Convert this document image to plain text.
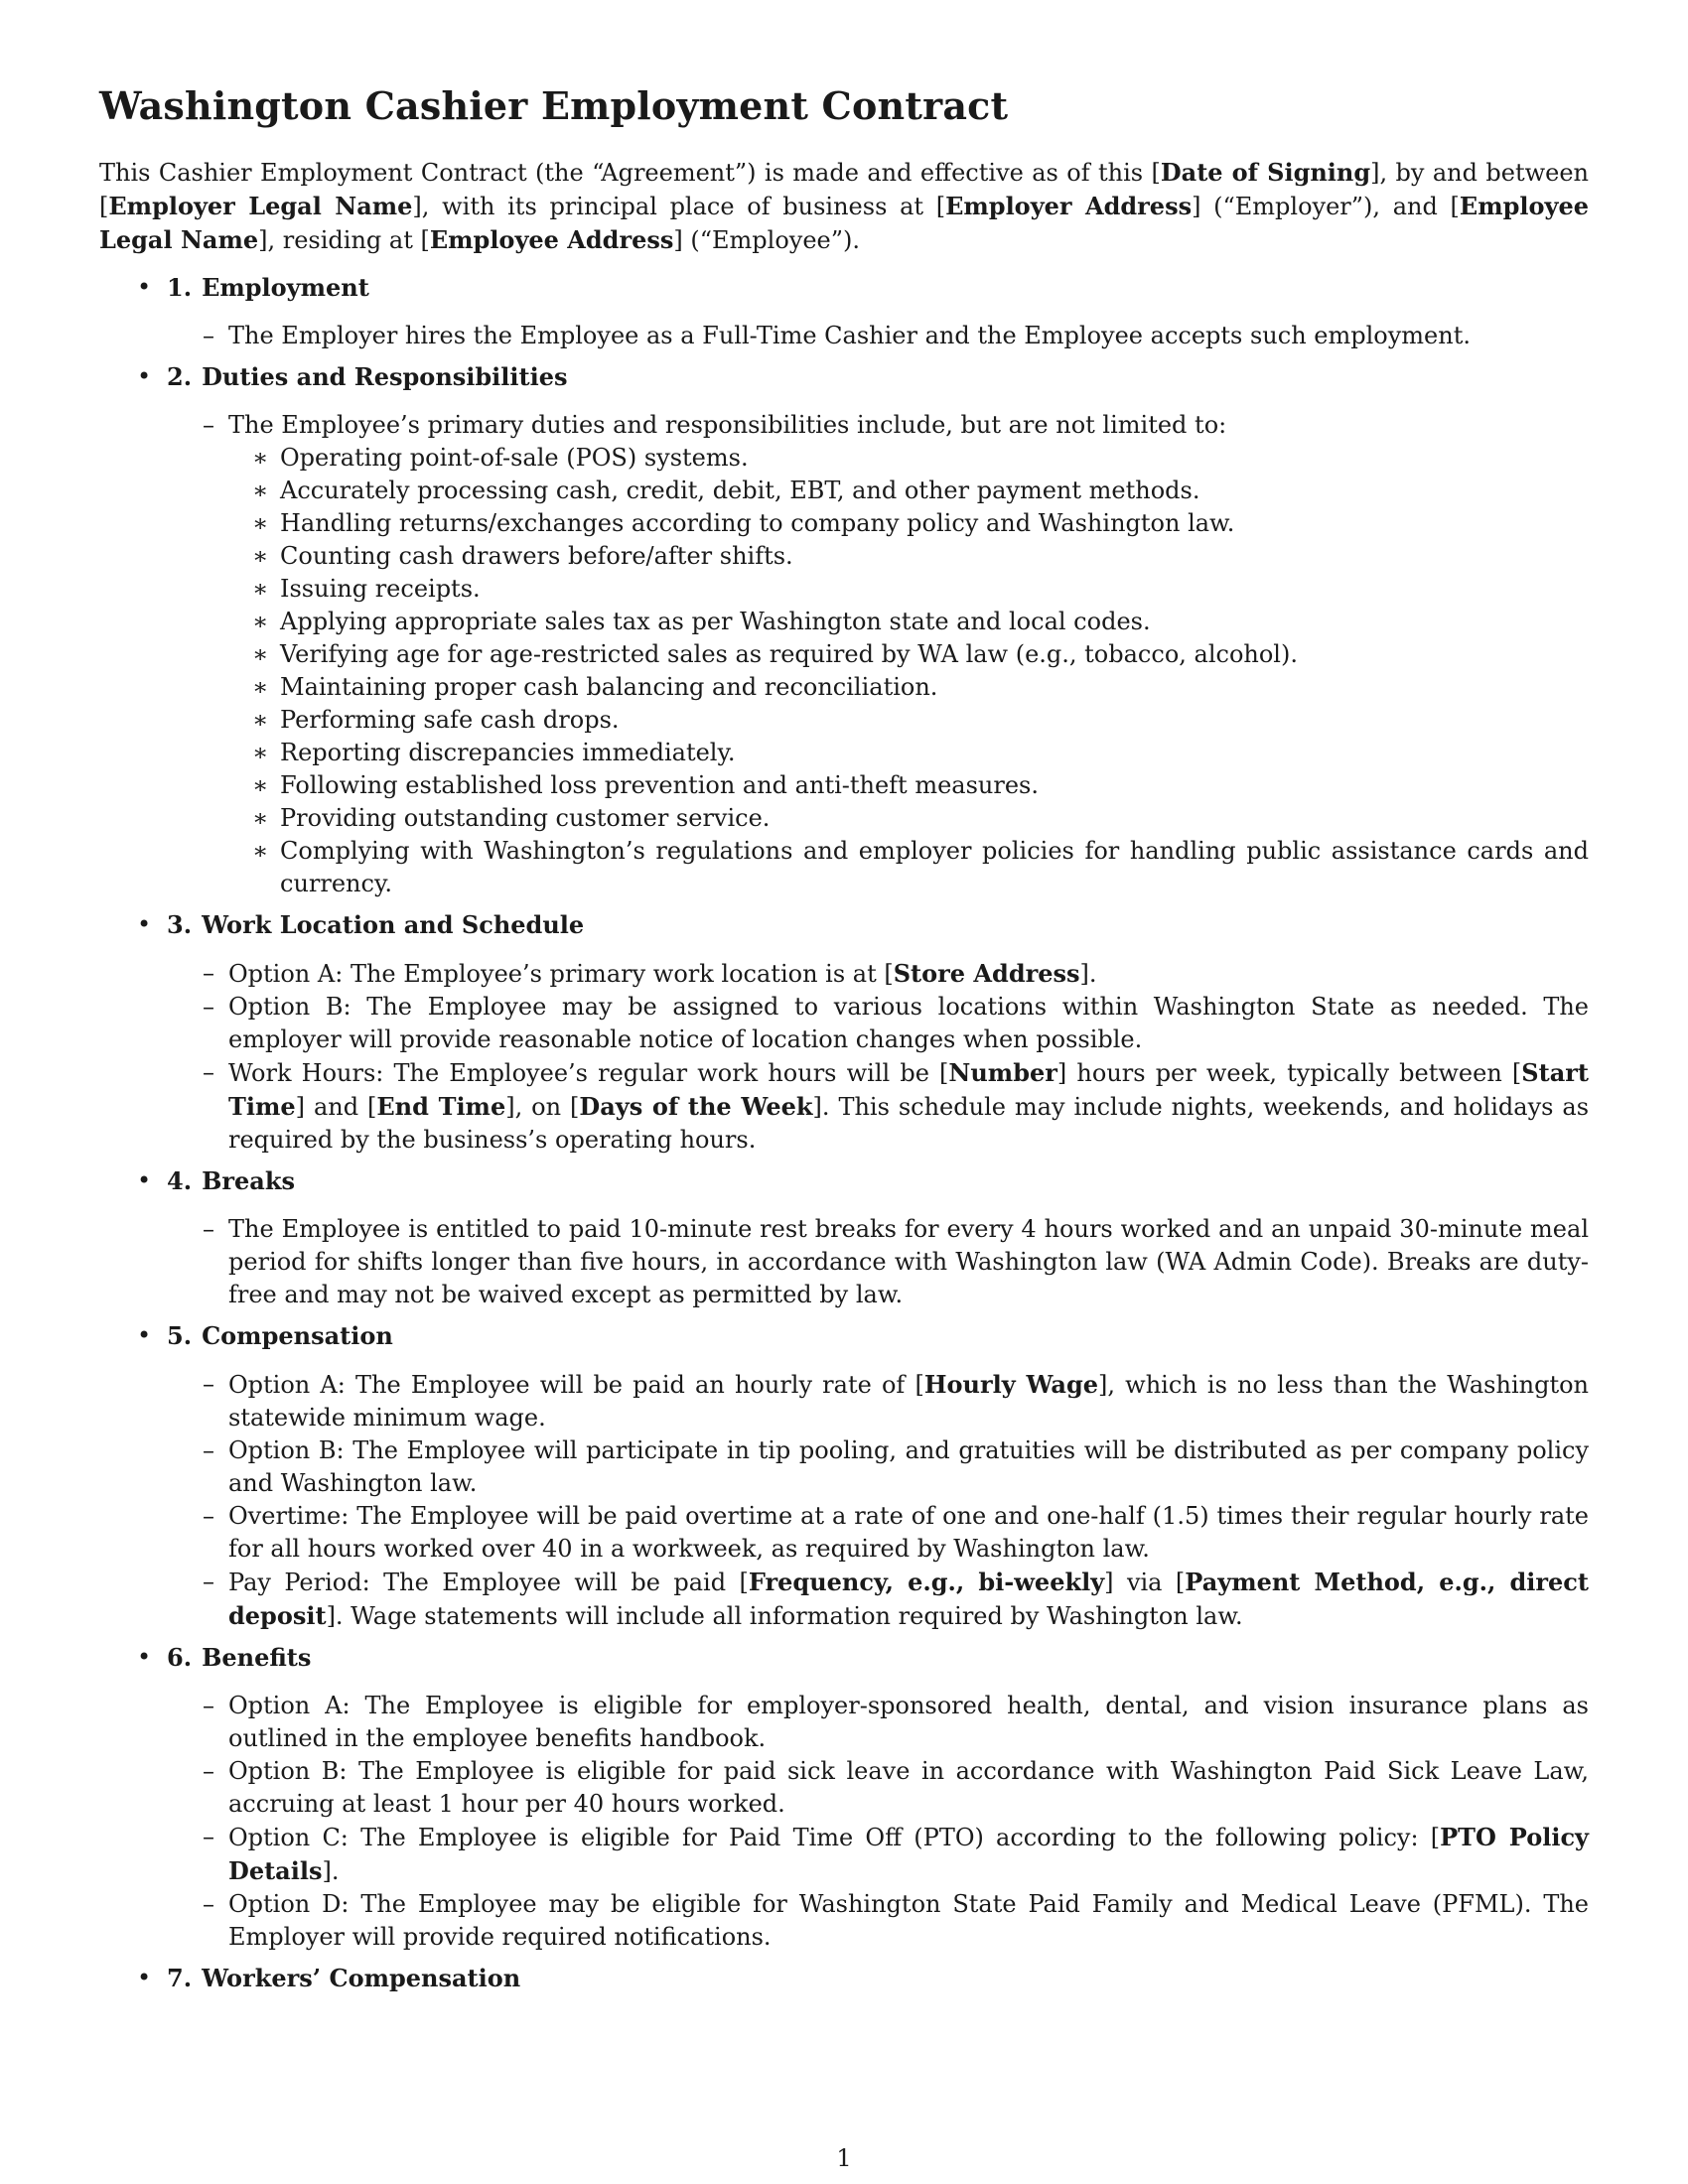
Washington Cashier Employment Contract

This Cashier Employment Contract (the “Agreement”) is made and effective as of this [Date of Signing], by and between [Employer Legal Name], with its principal place of business at [Employer Address] (“Employer”), and [Employee Legal Name], residing at [Employee Address] (“Employee”).

• 1. Employment
– The Employer hires the Employee as a Full-Time Cashier and the Employee accepts such employment.
• 2. Duties and Responsibilities
– The Employee’s primary duties and responsibilities include, but are not limited to:
∗ Operating point-of-sale (POS) systems.
∗ Accurately processing cash, credit, debit, EBT, and other payment methods.
∗ Handling returns/exchanges according to company policy and Washington law.
∗ Counting cash drawers before/after shifts.
∗ Issuing receipts.
∗ Applying appropriate sales tax as per Washington state and local codes.
∗ Verifying age for age-restricted sales as required by WA law (e.g., tobacco, alcohol).
∗ Maintaining proper cash balancing and reconciliation.
∗ Performing safe cash drops.
∗ Reporting discrepancies immediately.
∗ Following established loss prevention and anti-theft measures.
∗ Providing outstanding customer service.
∗ Complying with Washington’s regulations and employer policies for handling public assistance cards and currency.
• 3. Work Location and Schedule
– Option A: The Employee’s primary work location is at [Store Address].
– Option B: The Employee may be assigned to various locations within Washington State as needed. The employer will provide reasonable notice of location changes when possible.
– Work Hours: The Employee’s regular work hours will be [Number] hours per week, typically between [Start Time] and [End Time], on [Days of the Week]. This schedule may include nights, weekends, and holidays as required by the business’s operating hours.
• 4. Breaks
– The Employee is entitled to paid 10-minute rest breaks for every 4 hours worked and an unpaid 30-minute meal period for shifts longer than five hours, in accordance with Washington law (WA Admin Code). Breaks are duty-free and may not be waived except as permitted by law.
• 5. Compensation
– Option A: The Employee will be paid an hourly rate of [Hourly Wage], which is no less than the Washington statewide minimum wage.
– Option B: The Employee will participate in tip pooling, and gratuities will be distributed as per company policy and Washington law.
– Overtime: The Employee will be paid overtime at a rate of one and one-half (1.5) times their regular hourly rate for all hours worked over 40 in a workweek, as required by Washington law.
– Pay Period: The Employee will be paid [Frequency, e.g., bi-weekly] via [Payment Method, e.g., direct deposit]. Wage statements will include all information required by Washington law.
• 6. Benefits
– Option A: The Employee is eligible for employer-sponsored health, dental, and vision insurance plans as outlined in the employee benefits handbook.
– Option B: The Employee is eligible for paid sick leave in accordance with Washington Paid Sick Leave Law, accruing at least 1 hour per 40 hours worked.
– Option C: The Employee is eligible for Paid Time Off (PTO) according to the following policy: [PTO Policy Details].
– Option D: The Employee may be eligible for Washington State Paid Family and Medical Leave (PFML). The Employer will provide required notifications.
• 7. Workers’ Compensation
1
